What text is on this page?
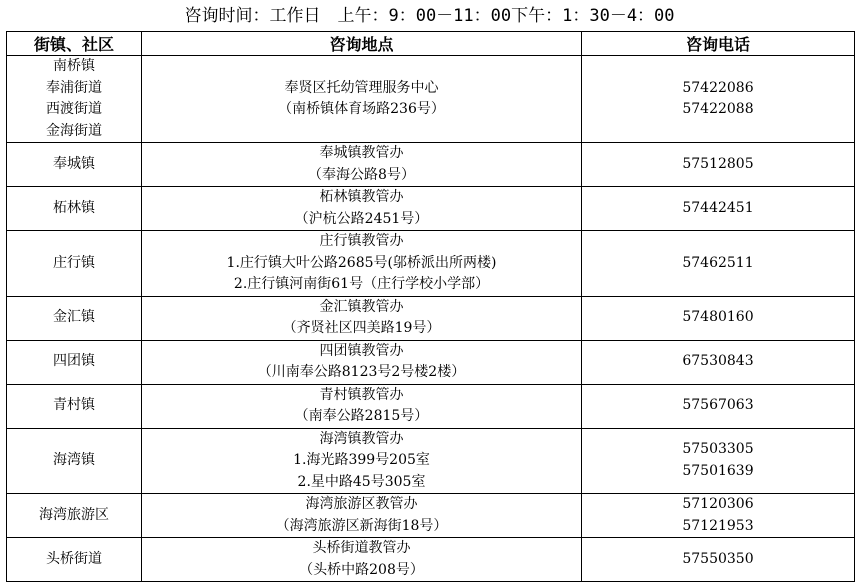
咨询时间：工作日　上午：9：00－11：00下午：1：30－4：00
街镇、社区	咨询地点	咨询电话

南桥镇
奉浦街道
西渡街道
金海街道	奉贤区托幼管理服务中心
（南桥镇体育场路236号）	57422086
57422088

奉城镇	奉城镇教管办
（奉海公路8号）	57512805

柘林镇	柘林镇教管办
（沪杭公路2451号）	57442451

庄行镇	庄行镇教管办
1.庄行镇大叶公路2685号(邬桥派出所两楼)
2.庄行镇河南街61号（庄行学校小学部）	57462511

金汇镇	金汇镇教管办
（齐贤社区四美路19号）	57480160

四团镇	四团镇教管办
（川南奉公路8123号2号楼2楼）	67530843

青村镇	青村镇教管办
（南奉公路2815号）	57567063

海湾镇	海湾镇教管办
1.海光路399号205室
2.星中路45号305室	57503305
57501639

海湾旅游区	海湾旅游区教管办
（海湾旅游区新海街18号）	57120306
57121953

头桥街道	头桥街道教管办
（头桥中路208号）	57550350
